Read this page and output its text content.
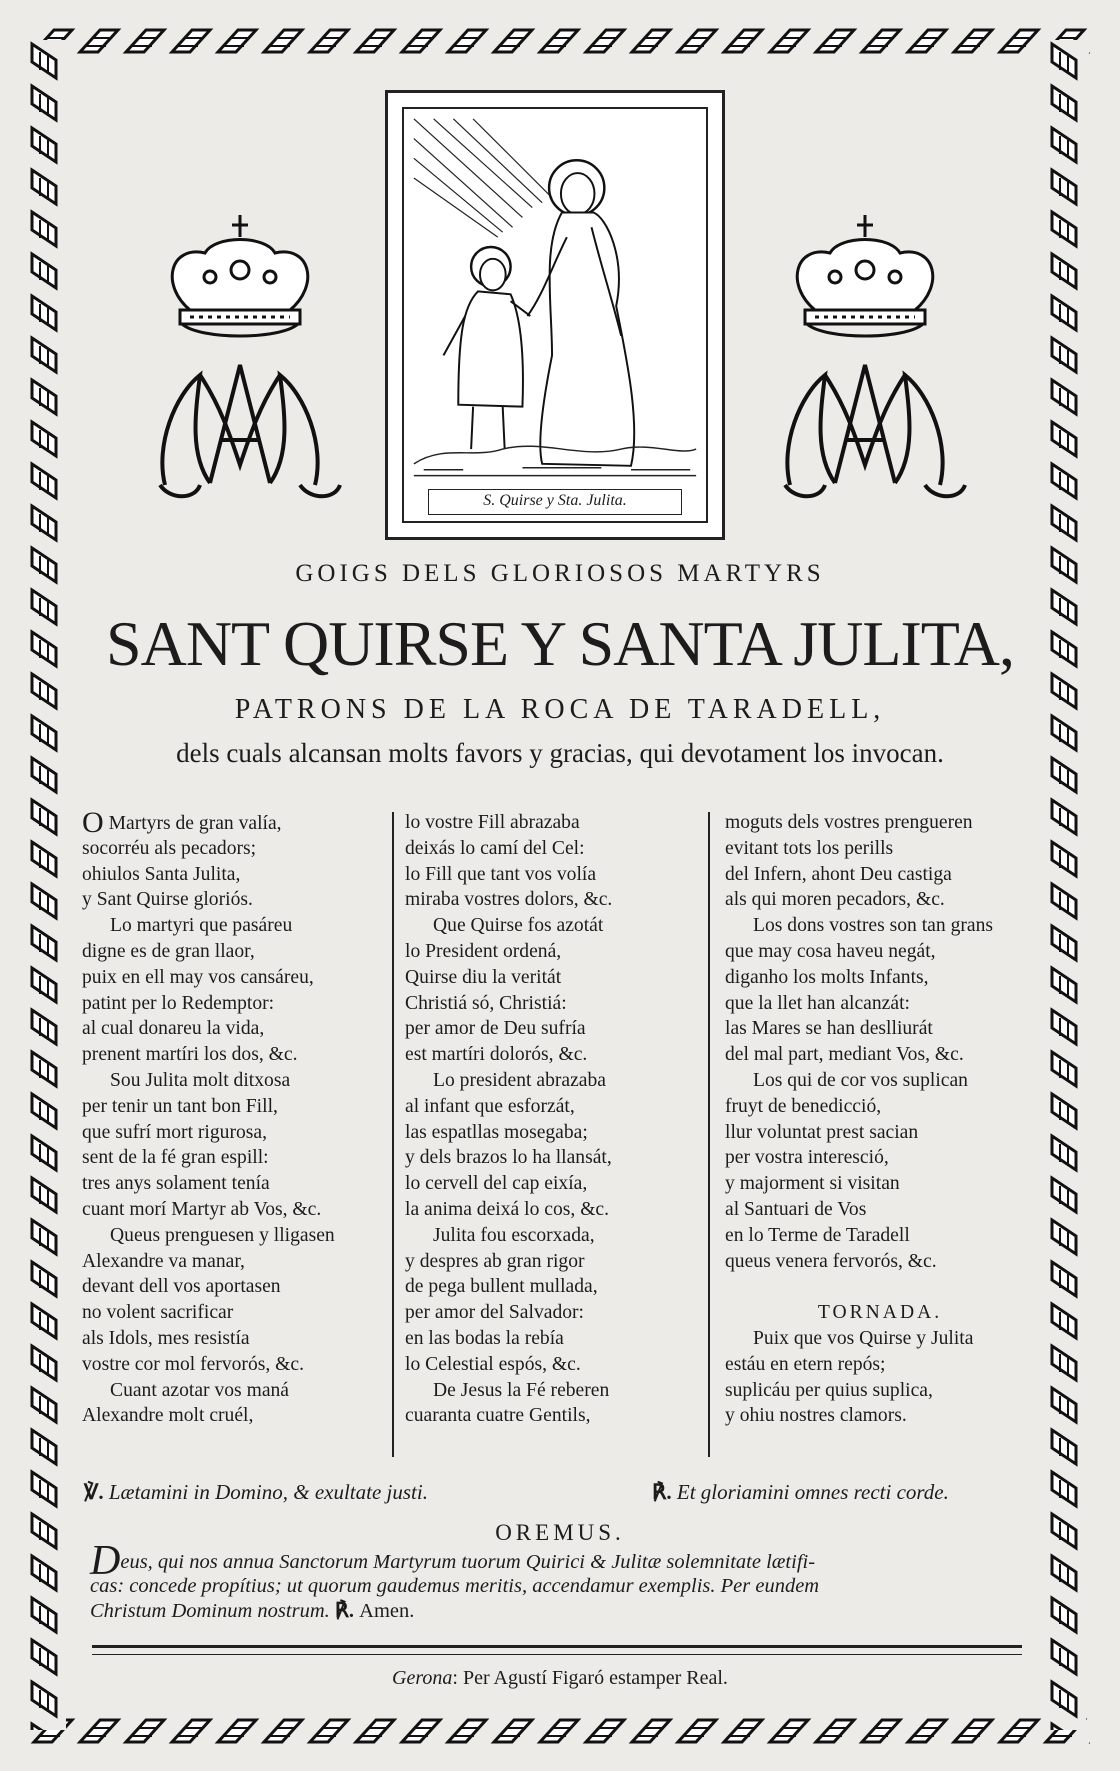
S. Quirse y Sta. Julita.
GOIGS DELS GLORIOSOS MARTYRS
SANT QUIRSE Y SANTA JULITA,
PATRONS DE LA ROCA DE TARADELL,
dels cuals alcansan molts favors y gracias, qui devotament los invocan.
O Martyrs de gran valía,
socorréu als pecadors;
ohiulos Santa Julita,
y Sant Quirse gloriós.
Lo martyri que pasáreu
digne es de gran llaor,
puix en ell may vos cansáreu,
patint per lo Redemptor:
al cual donareu la vida,
prenent martíri los dos, &c.
Sou Julita molt ditxosa
per tenir un tant bon Fill,
que sufrí mort rigurosa,
sent de la fé gran espill:
tres anys solament tenía
cuant morí Martyr ab Vos, &c.
Queus prenguesen y lligasen
Alexandre va manar,
devant dell vos aportasen
no volent sacrificar
als Idols, mes resistía
vostre cor mol fervorós, &c.
Cuant azotar vos maná
Alexandre molt cruél,
lo vostre Fill abrazaba
deixás lo camí del Cel:
lo Fill que tant vos volía
miraba vostres dolors, &c.
Que Quirse fos azotát
lo President ordená,
Quirse diu la veritát
Christiá só, Christiá:
per amor de Deu sufría
est martíri dolorós, &c.
Lo president abrazaba
al infant que esforzát,
las espatllas mosegaba;
y dels brazos lo ha llansát,
lo cervell del cap eixía,
la anima deixá lo cos, &c.
Julita fou escorxada,
y despres ab gran rigor
de pega bullent mullada,
per amor del Salvador:
en las bodas la rebía
lo Celestial espós, &c.
De Jesus la Fé reberen
cuaranta cuatre Gentils,
moguts dels vostres prengueren
evitant tots los perills
del Infern, ahont Deu castiga
als qui moren pecadors, &c.
Los dons vostres son tan grans
que may cosa haveu negát,
diganho los molts Infants,
que la llet han alcanzát:
las Mares se han deslliurát
del mal part, mediant Vos, &c.
Los qui de cor vos suplican
fruyt de benedicció,
llur voluntat prest sacian
per vostra interesció,
y majorment si visitan
al Santuari de Vos
en lo Terme de Taradell
queus venera fervorós, &c.
TORNADA.
Puix que vos Quirse y Julita
estáu en etern repós;
suplicáu per quius suplica,
y ohiu nostres clamors.
℣. Lætamini in Domino, & exultate justi.	℟. Et gloriamini omnes recti corde.
OREMUS.
Deus, qui nos annua Sanctorum Martyrum tuorum Quirici & Julitæ solemnitate lætifi-
cas: concede propítius; ut quorum gaudemus meritis, accendamur exemplis. Per eundem
Christum Dominum nostrum. ℟. Amen.
Gerona: Per Agustí Figaró estamper Real.
